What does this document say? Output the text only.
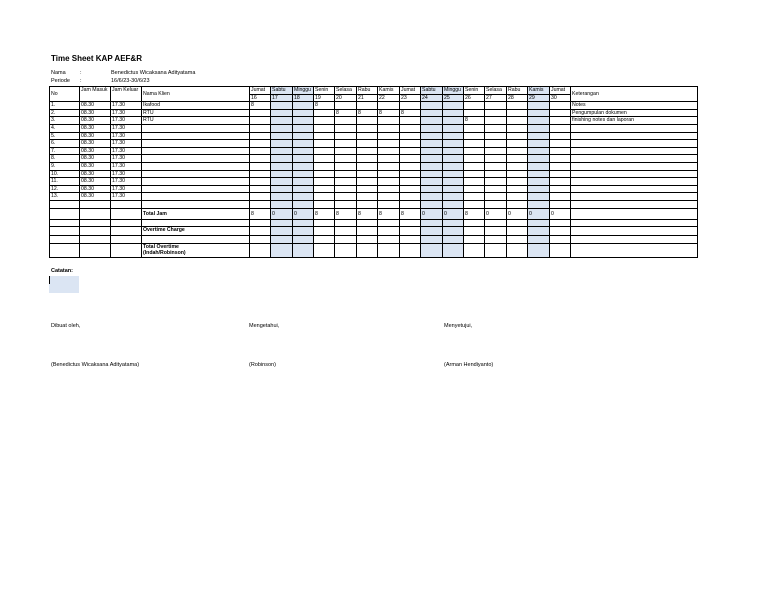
Time Sheet KAP AEF&R
Nama	:	Benedictus Wicaksana Adityatama
Periode :	16/6/23-30/6/23
No	Jam Masuk	Jam Keluar	Nama Klien	Jumat	Sabtu	Minggu	Senin	Selasa	Rabu	Kamis	Jumat	Sabtu	Minggu	Senin	Selasa	Rabu	Kamis	Jumat	Keterangan
				16	17	18	19	20	21	22	23	24	25	26	27	28	29	30	
1.	08.30	17.30	Ikafood	8			8												Notes
2.	08.30	17.30	RTU					8	8	8	8								Pengumpulan dokumen
3.	08.30	17.30	RTU											8					finishing notes dan laporan
4.	08.30	17.30																	
5.	08.30	17.30																	
6.	08.30	17.30																	
7.	08.30	17.30																	
8.	08.30	17.30																	
9.	08.30	17.30																	
10.	08.30	17.30																	
11.	08.30	17.30																	
12.	08.30	17.30																	
13.	08.30	17.30																	

			Total Jam	8	0	0	8	8	8	8	8	0	0	8	0	0	0	0	

			Overtime Charge																

			Total Overtime
(Indah/Robinson)																

Catatan:
Dibuat oleh,	Mengetahui,	Menyetujui,
(Benedictus Wicaksana Adityatama)	(Robinson)	(Arman Hendiyanto)
